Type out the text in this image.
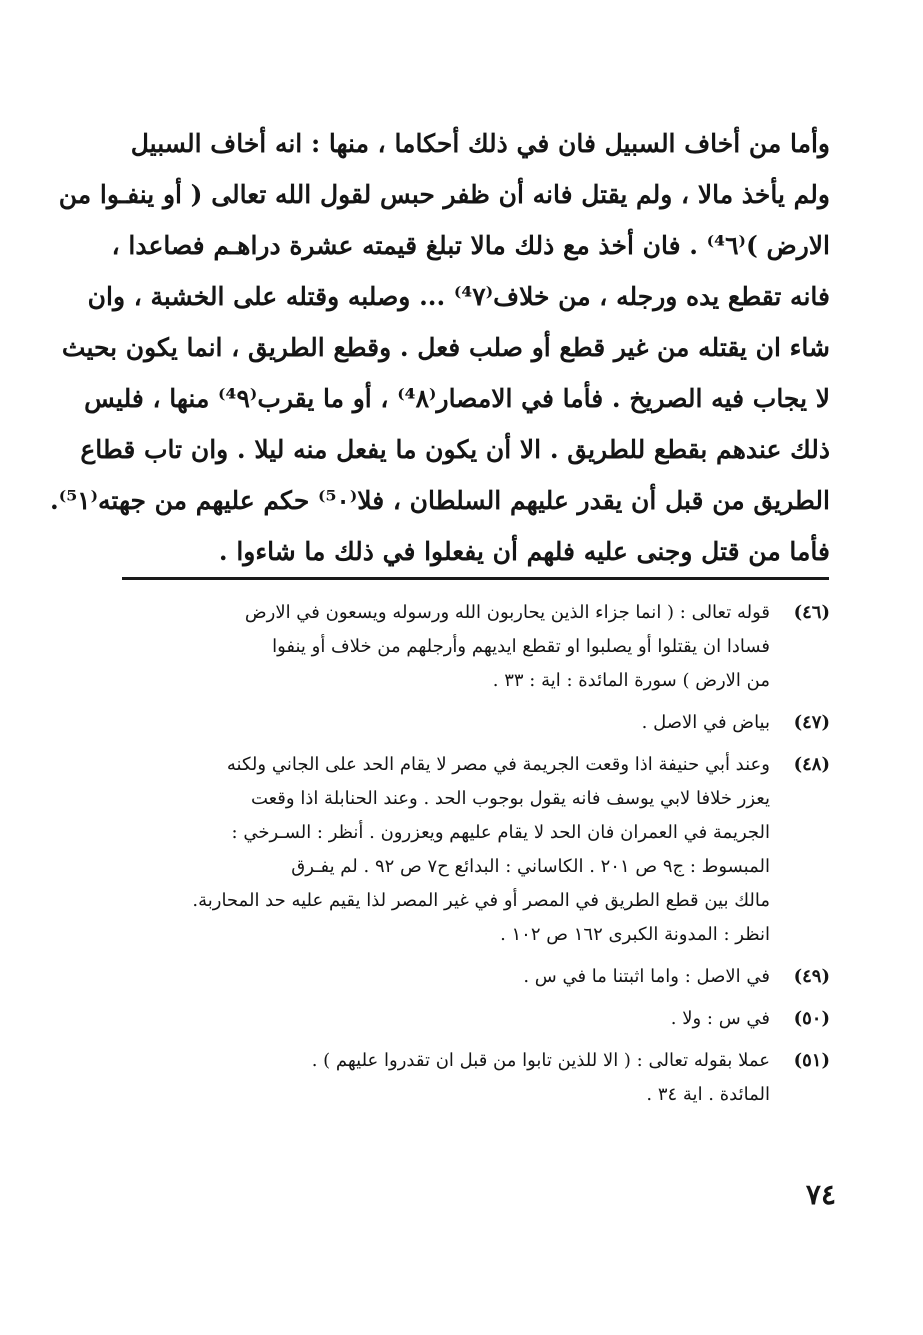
وأما من أخاف السبيل فان في ذلك أحكاما ، منها : انه أخاف السبيل
ولم يأخذ مالا ، ولم يقتل فانه أن ظفر حبس لقول الله تعالى ( أو ينفـوا من
الارض )⁽⁴٦⁾ . فان أخذ مع ذلك مالا تبلغ قيمته عشرة دراهـم فصاعدا ،
فانه تقطع يده ورجله ، من خلاف⁽⁴٧⁾ ... وصلبه وقتله على الخشبة ، وان
شاء ان يقتله من غير قطع أو صلب فعل . وقطع الطريق ، انما يكون بحيث
لا يجاب فيه الصريخ . فأما في الامصار⁽⁴٨⁾ ، أو ما يقرب⁽⁴٩⁾ منها ، فليس
ذلك عندهم بقطع للطريق . الا أن يكون ما يفعل منه ليلا . وان تاب قطاع
الطريق من قبل أن يقدر عليهم السلطان ، فلا⁽⁵٠⁾ حكم عليهم من جهته⁽⁵١⁾.
فأما من قتل وجنى عليه فلهم أن يفعلوا في ذلك ما شاءوا .
(٤٦)
قوله تعالى : ( انما جزاء الذين يحاربون الله ورسوله ويسعون في الارض
فسادا ان يقتلوا أو يصلبوا او تقطع ايديهم وأرجلهم من خلاف أو ينفوا
من الارض ) سورة المائدة : اية : ٣٣ .
(٤٧)
بياض في الاصل .
(٤٨)
وعند أبي حنيفة اذا وقعت الجريمة في مصر لا يقام الحد على الجاني ولكنه
يعزر خلافا لابي يوسف فانه يقول بوجوب الحد . وعند الحنابلة اذا وقعت
الجريمة في العمران فان الحد لا يقام عليهم ويعزرون . أنظر : السـرخي :
المبسوط : ج٩ ص ٢٠١ . الكاساني : البدائع ح٧ ص ٩٢ . لم يفـرق
مالك بين قطع الطريق في المصر أو في غير المصر لذا يقيم عليه حد المحاربة.
انظر : المدونة الكبرى ١٦٢ ص ١٠٢ .
(٤٩)
في الاصل : واما اثبتنا ما في س .
(٥٠)
في س : ولا .
(٥١)
عملا بقوله تعالى : ( الا للذين تابوا من قبل ان تقدروا عليهم ) .
المائدة . اية ٣٤ .
٧٤
